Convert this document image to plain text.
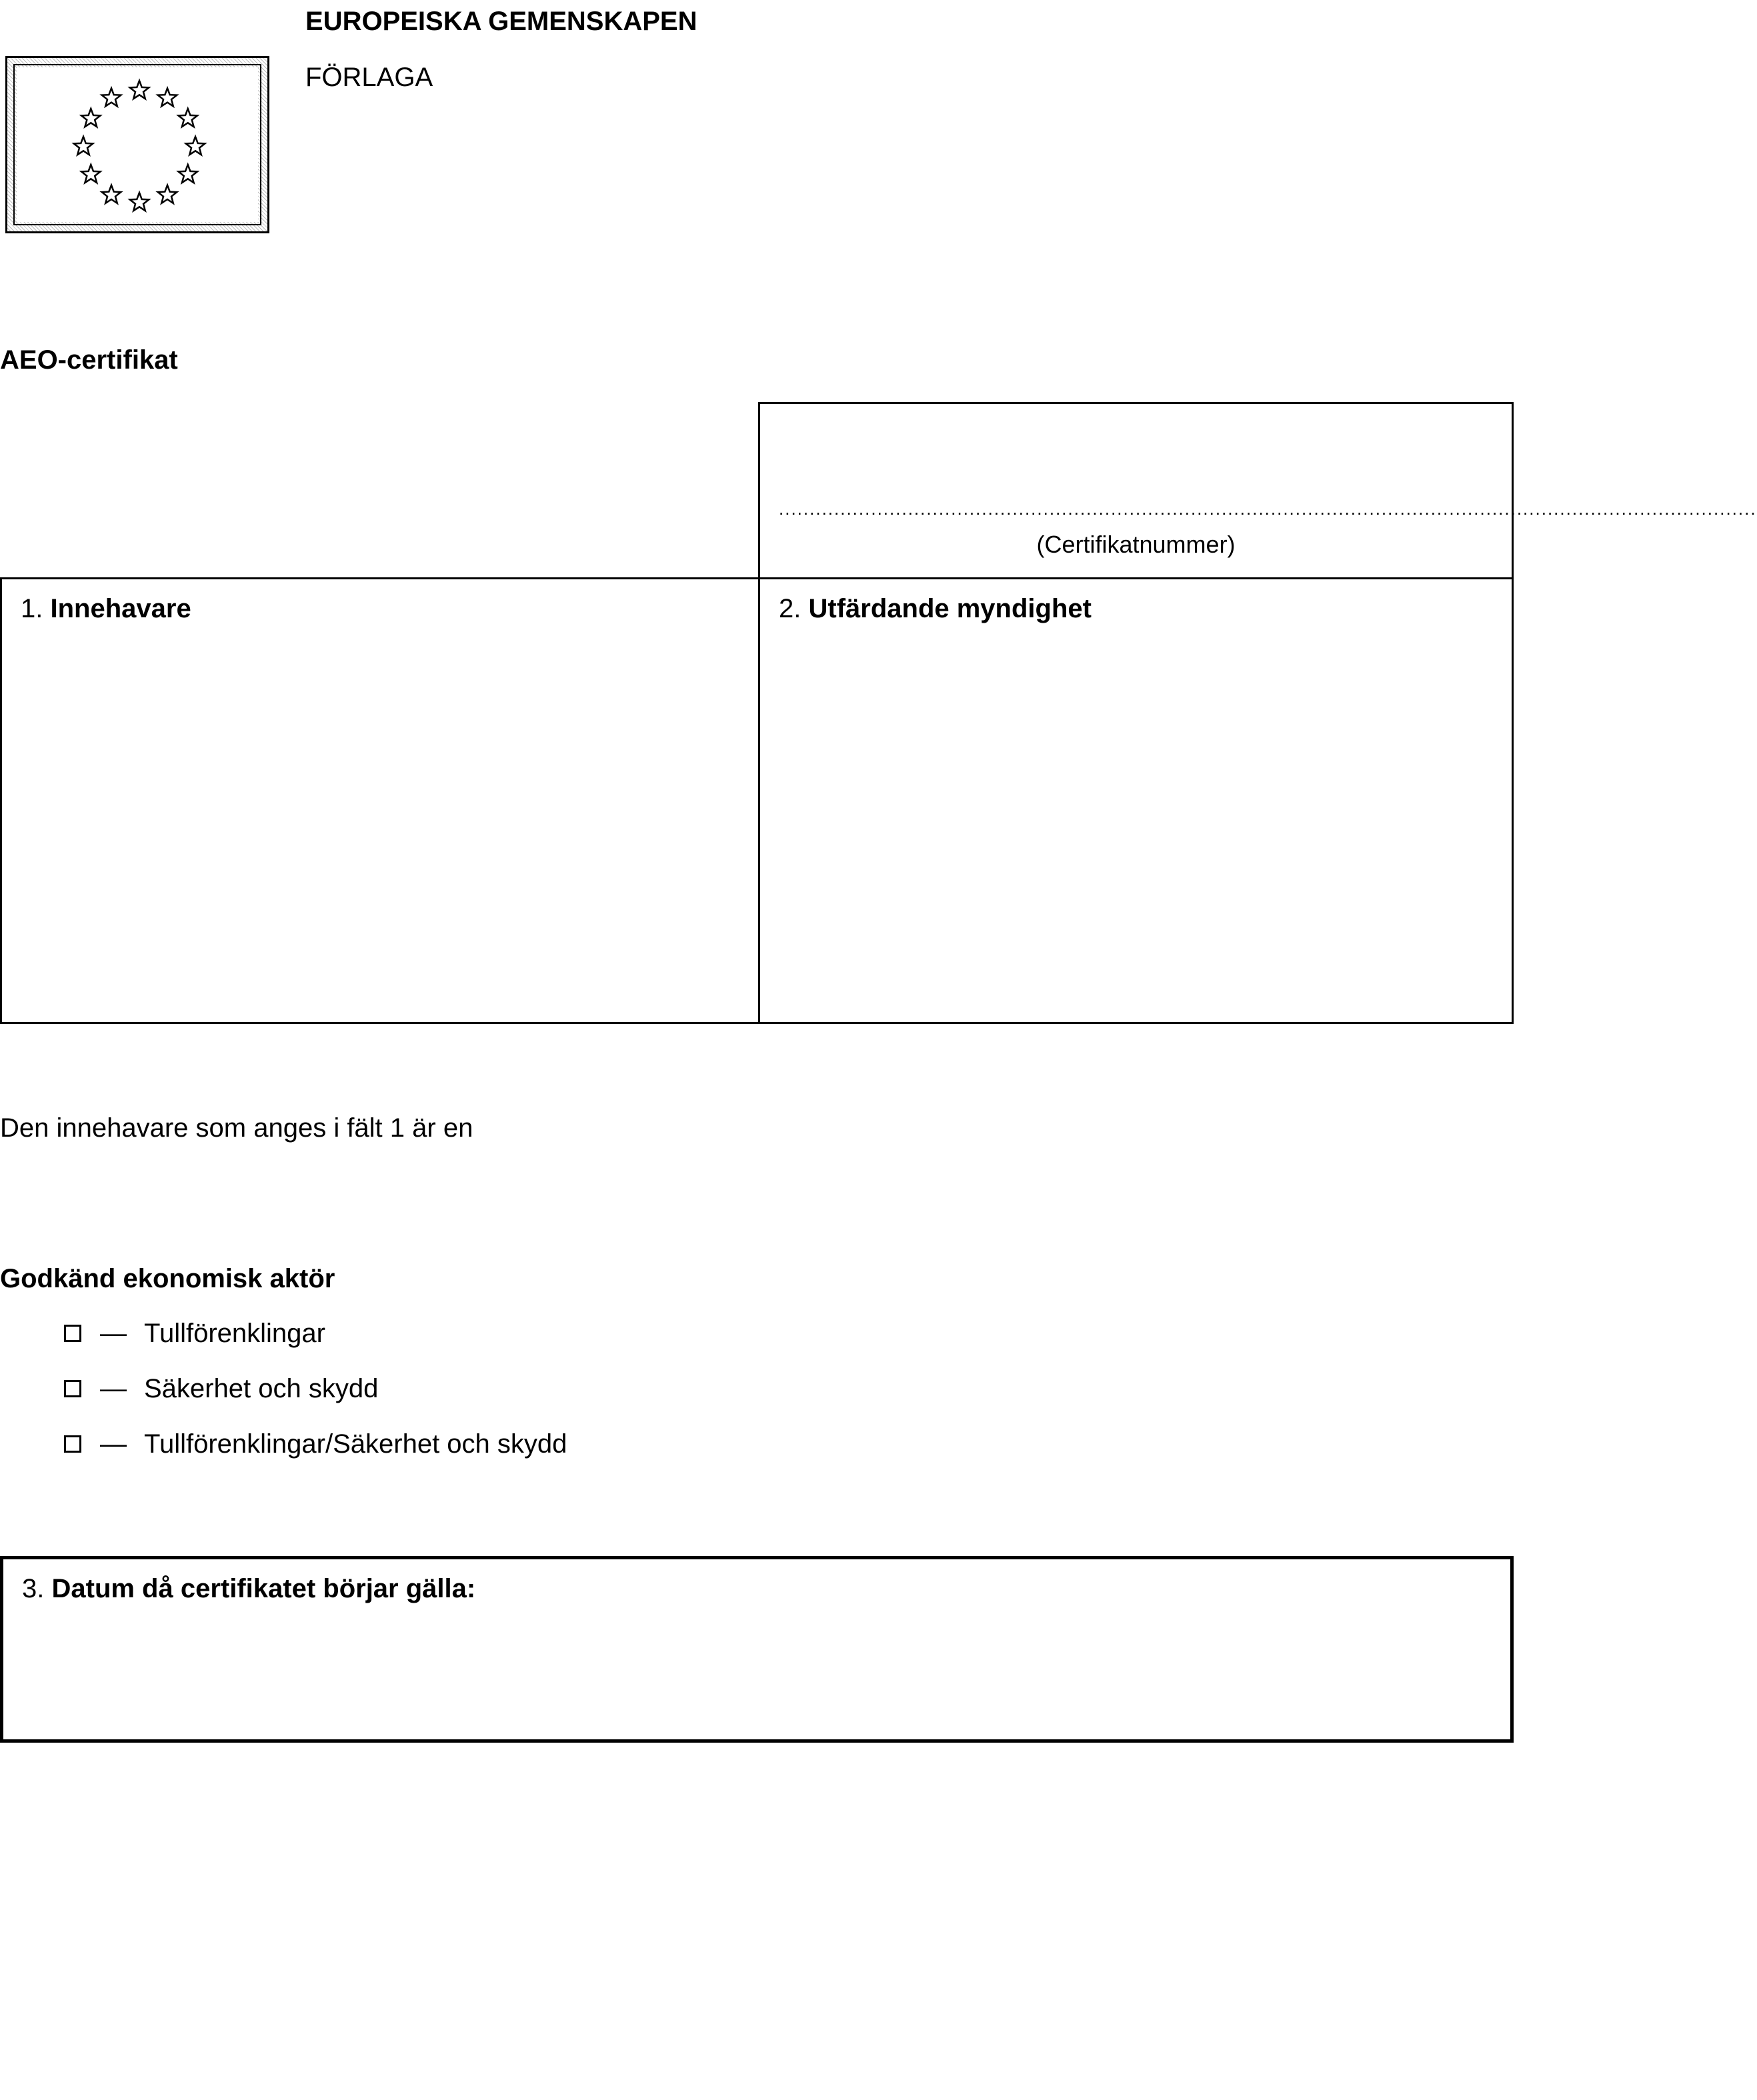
EUROPEISKA GEMENSKAPEN
FÖRLAGA
AEO-certifikat
...............................................................................................................................................................
(Certifikatnummer)
1. Innehavare	2. Utfärdande myndighet
Den innehavare som anges i fält 1 är en
Godkänd ekonomisk aktör
— Tullförenklingar
— Säkerhet och skydd
— Tullförenklingar/Säkerhet och skydd
3. Datum då certifikatet börjar gälla:
